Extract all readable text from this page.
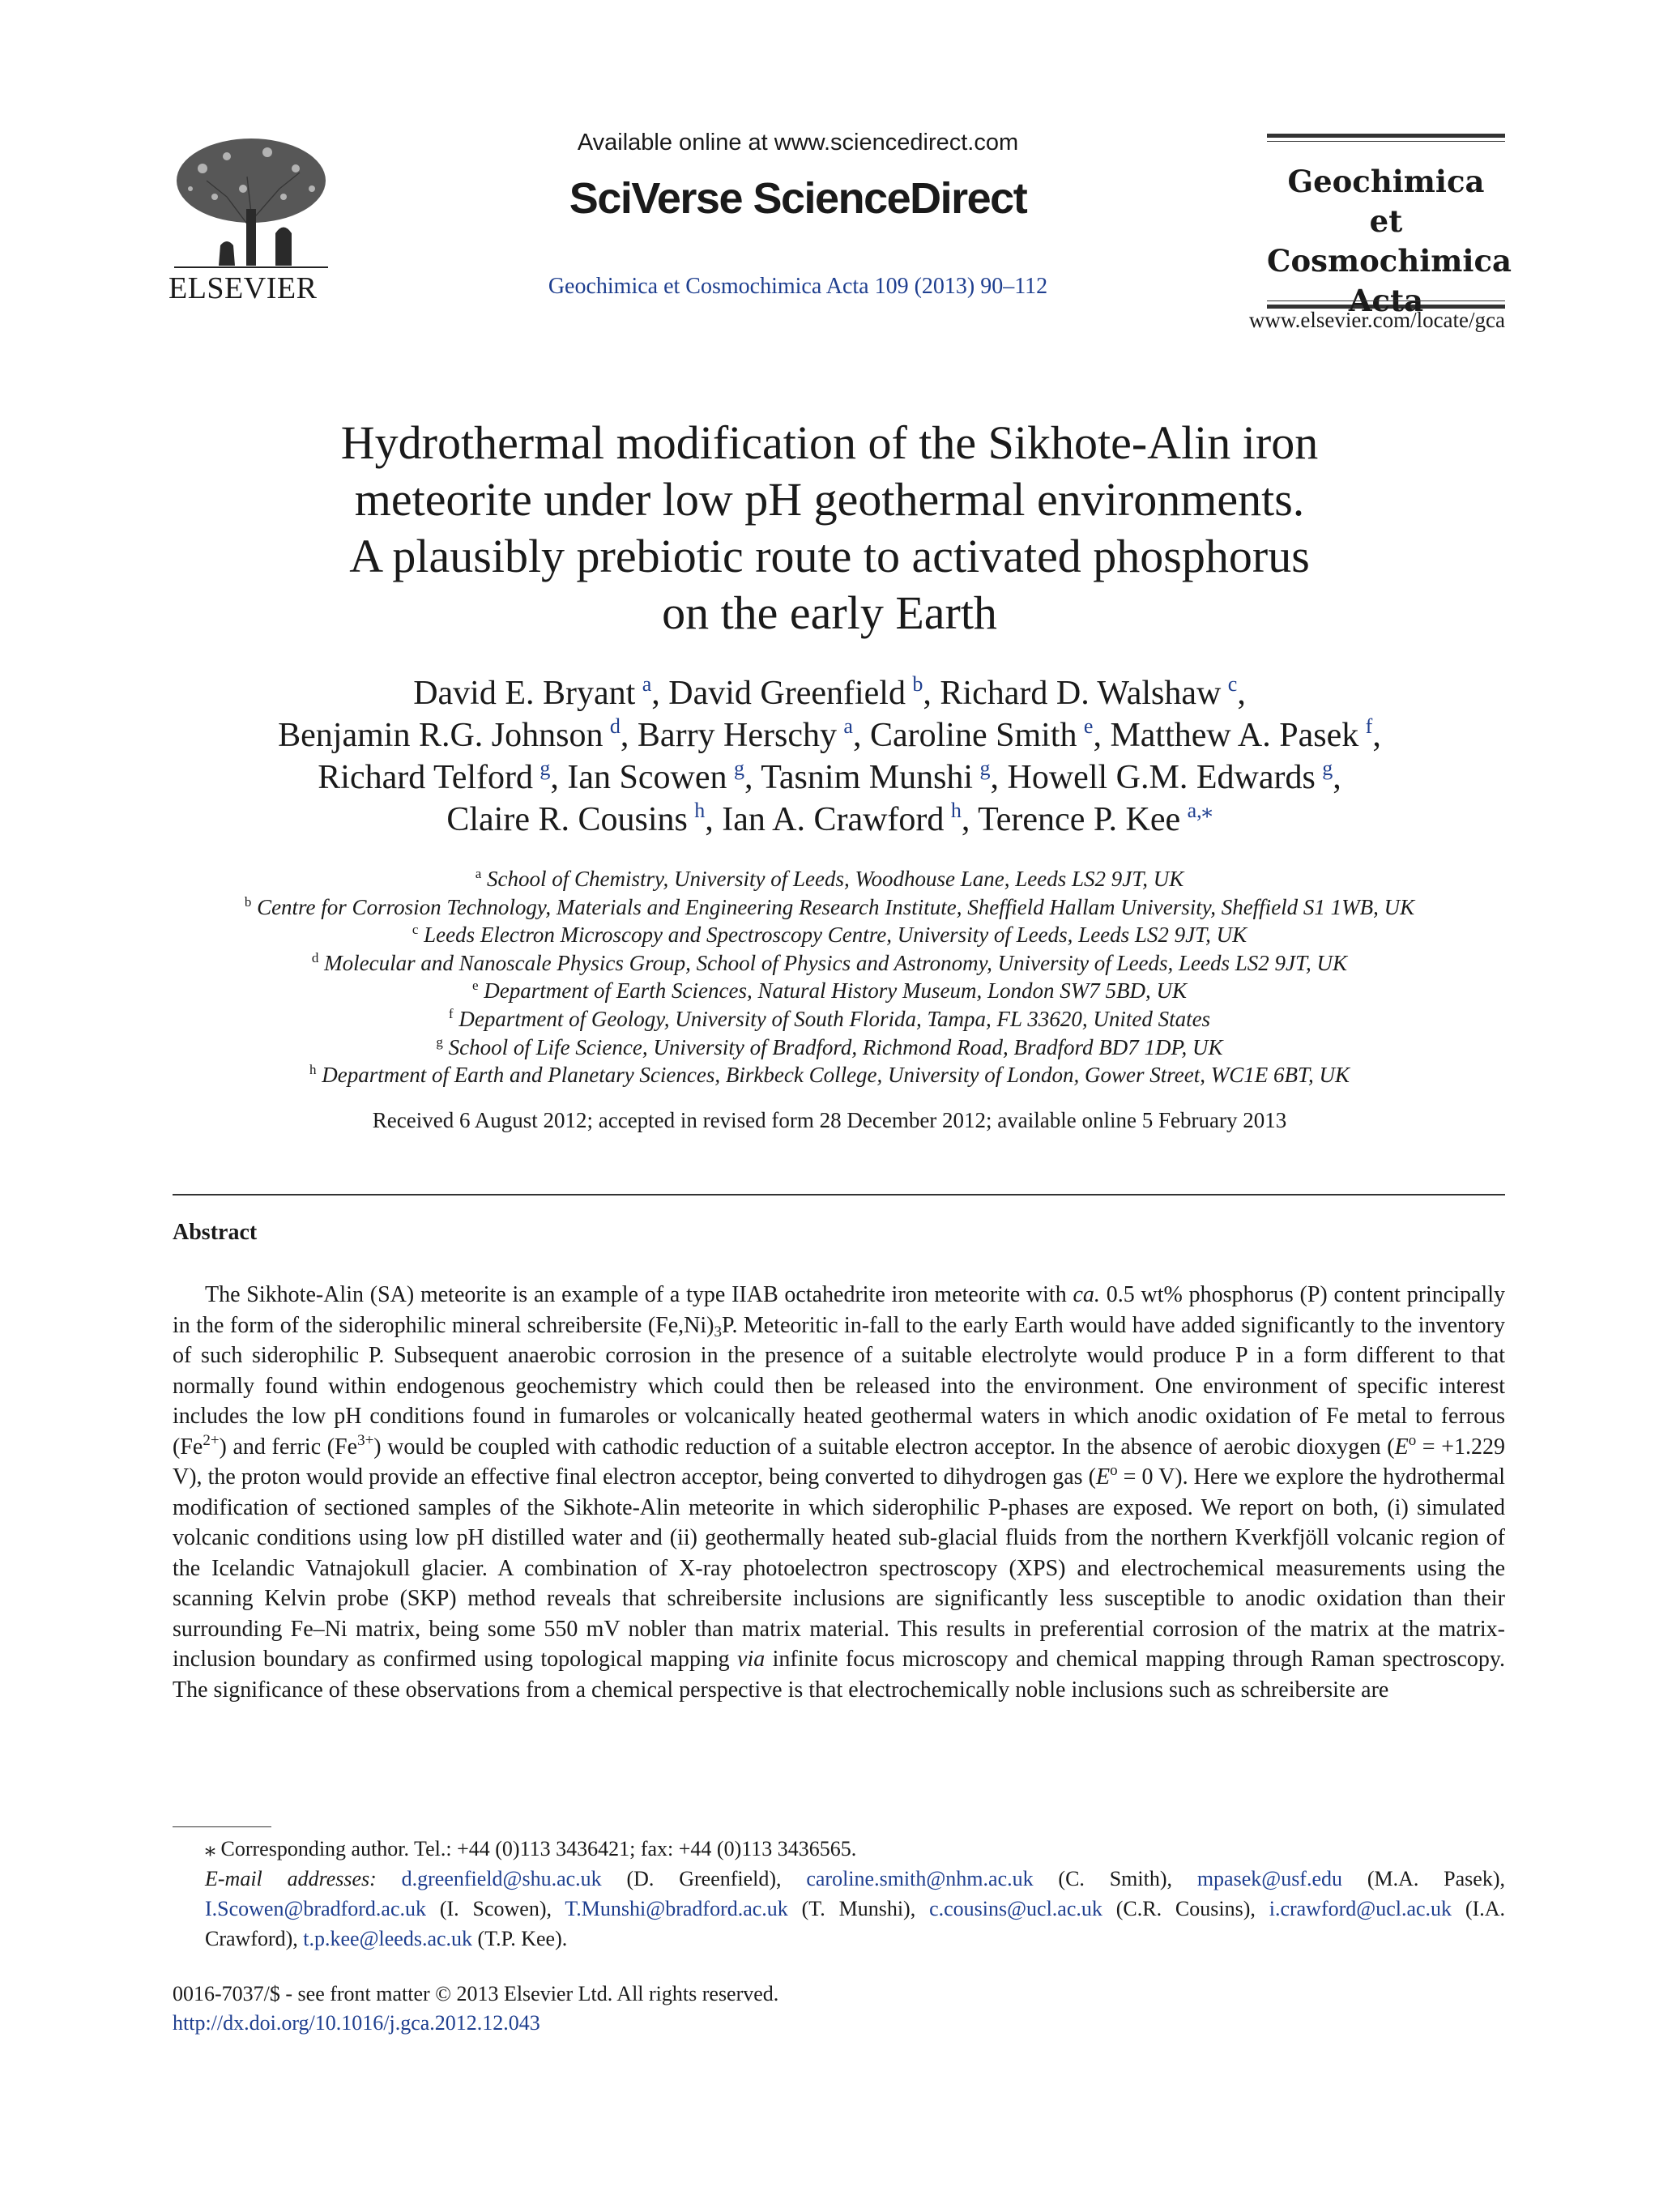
ELSEVIER
Available online at www.sciencedirect.com
SciVerse ScienceDirect
Geochimica et Cosmochimica Acta 109 (2013) 90–112
Geochimica et
Cosmochimica
Acta
www.elsevier.com/locate/gca
Hydrothermal modification of the Sikhote-Alin iron
meteorite under low pH geothermal environments.
A plausibly prebiotic route to activated phosphorus
on the early Earth
David E. Bryant  $^a$, David Greenfield  $^b$, Richard D. Walshaw  $^c$,
Benjamin R.G. Johnson  $^d$, Barry Herschy  $^a$, Caroline Smith  $^e$, Matthew A. Pasek  $^f$,
Richard Telford  $^g$, Ian Scowen  $^g$, Tasnim Munshi  $^g$, Howell G.M. Edwards  $^g$,
Claire R. Cousins  $^h$, Ian A. Crawford  $^h$, Terence P. Kee  $^{a,⁎}$
$^a$ School of Chemistry, University of Leeds, Woodhouse Lane, Leeds LS2 9JT, UK
$^b$ Centre for Corrosion Technology, Materials and Engineering Research Institute, Sheffield Hallam University, Sheffield S1 1WB, UK
$^c$ Leeds Electron Microscopy and Spectroscopy Centre, University of Leeds, Leeds LS2 9JT, UK
$^d$ Molecular and Nanoscale Physics Group, School of Physics and Astronomy, University of Leeds, Leeds LS2 9JT, UK
$^e$ Department of Earth Sciences, Natural History Museum, London SW7 5BD, UK
$^f$ Department of Geology, University of South Florida, Tampa, FL 33620, United States
$^g$ School of Life Science, University of Bradford, Richmond Road, Bradford BD7 1DP, UK
$^h$ Department of Earth and Planetary Sciences, Birkbeck College, University of London, Gower Street, WC1E 6BT, UK
Received 6 August 2012; accepted in revised form 28 December 2012; available online 5 February 2013
Abstract
The Sikhote-Alin (SA) meteorite is an example of a type IIAB octahedrite iron meteorite with ca. 0.5 wt% phosphorus (P) content principally in the form of the siderophilic mineral schreibersite $(Fe,Ni)_3P$. Meteoritic in-fall to the early Earth would have added significantly to the inventory of such siderophilic P. Subsequent anaerobic corrosion in the presence of a suitable electrolyte would produce P in a form different to that normally found within endogenous geochemistry which could then be released into the environment. One environment of specific interest includes the low pH conditions found in fumaroles or volcanically heated geothermal waters in which anodic oxidation of Fe metal to ferrous $(Fe^{2+})$ and ferric $(Fe^{3+})$ would be coupled with cathodic reduction of a suitable electron acceptor. In the absence of aerobic dioxygen ($E^o = +1.229$ V), the proton would provide an effective final electron acceptor, being converted to dihydrogen gas ($E^o = 0$ V). Here we explore the hydrothermal modification of sectioned samples of the Sikhote-Alin meteorite in which siderophilic P-phases are exposed. We report on both, (i) simulated volcanic conditions using low pH distilled water and (ii) geothermally heated sub-glacial fluids from the northern Kverkfjöll volcanic region of the Icelandic Vatnajokull glacier. A combination of X-ray photoelectron spectroscopy (XPS) and electrochemical measurements using the scanning Kelvin probe (SKP) method reveals that schreibersite inclusions are significantly less susceptible to anodic oxidation than their surrounding Fe–Ni matrix, being some 550 mV nobler than matrix material. This results in preferential corrosion of the matrix at the matrix-inclusion boundary as confirmed using topological mapping via infinite focus microscopy and chemical mapping through Raman spectroscopy. The significance of these observations from a chemical perspective is that electrochemically noble inclusions such as schreibersite are
⁎ Corresponding author. Tel.: +44 (0)113 3436421; fax: +44 (0)113 3436565.
E-mail addresses: d.greenfield@shu.ac.uk (D. Greenfield), caroline.smith@nhm.ac.uk (C. Smith), mpasek@usf.edu (M.A. Pasek), I.Scowen@bradford.ac.uk (I. Scowen), T.Munshi@bradford.ac.uk (T. Munshi), c.cousins@ucl.ac.uk (C.R. Cousins), i.crawford@ucl.ac.uk (I.A. Crawford), t.p.kee@leeds.ac.uk (T.P. Kee).
0016-7037/$ - see front matter © 2013 Elsevier Ltd. All rights reserved.
http://dx.doi.org/10.1016/j.gca.2012.12.043
